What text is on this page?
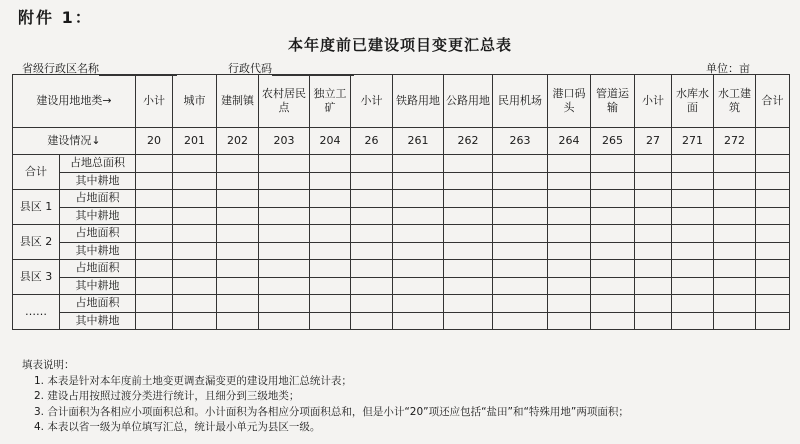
附件 1：
本年度前已建设项目变更汇总表
省级行政区名称	行政代码	单位：亩
建设用地地类→		小计	城市	建制镇	农村居民点	独立工矿	小计	铁路用地	公路用地	民用机场	港口码头	管道运输	小计	水库水面	水工建筑	合计
建设情况↓		20	201	202	203	204	26	261	262	263	264	265	27	271	272	
合计	占地总面积															
	其中耕地															
县区 1	占地面积															
	其中耕地															
县区 2	占地面积															
	其中耕地															
县区 3	占地面积															
	其中耕地															
……	占地面积															
	其中耕地															
填表说明：
1. 本表是针对本年度前土地变更调查漏变更的建设用地汇总统计表；
2. 建设占用按照过渡分类进行统计，且细分到三级地类；
3. 合计面积为各相应小项面积总和。小计面积为各相应分项面积总和，但是小计“20”项还应包括“盐田”和“特殊用地”两项面积；
4. 本表以省一级为单位填写汇总，统计最小单元为县区一级。
